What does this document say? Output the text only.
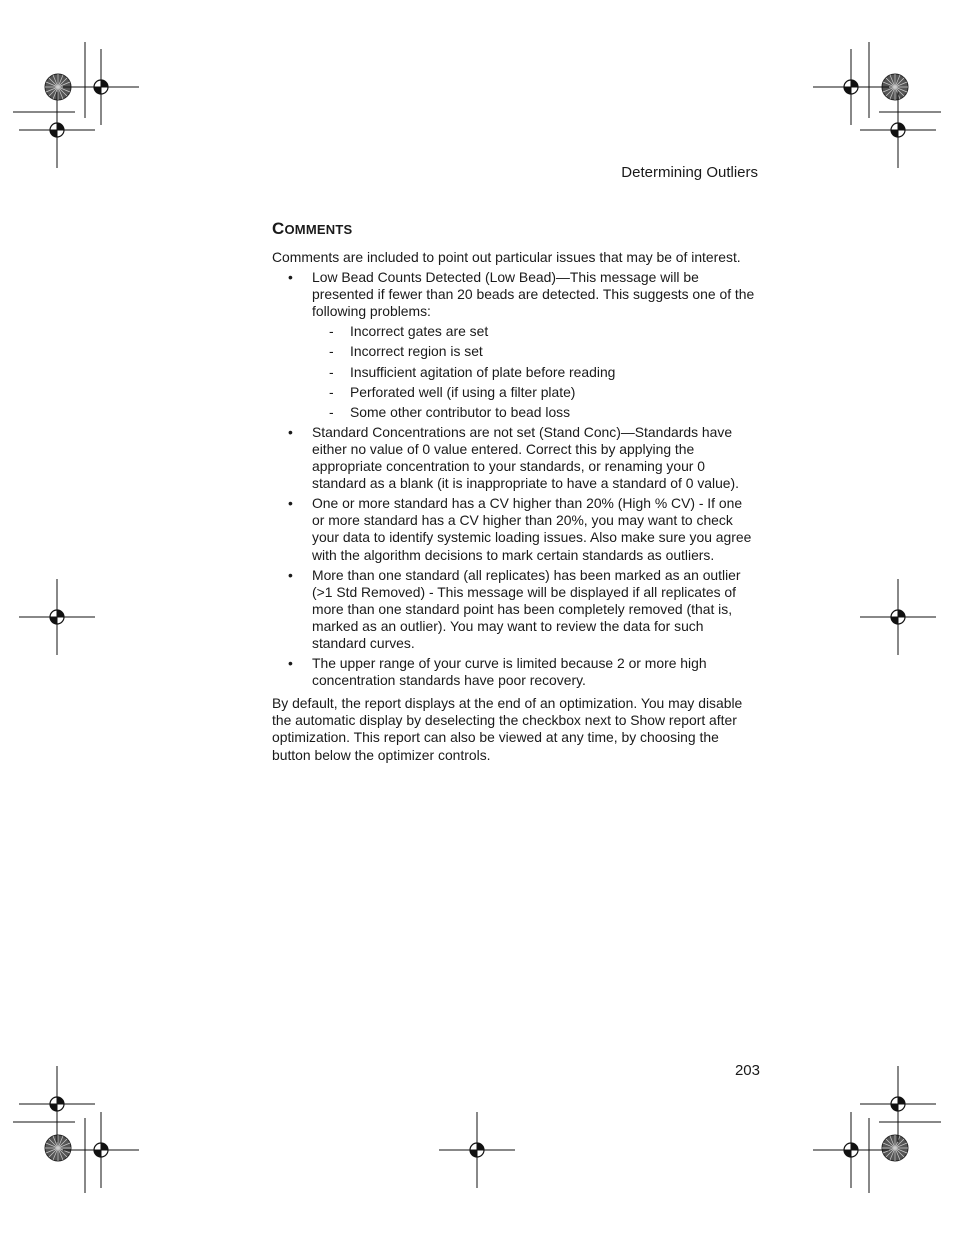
Determining Outliers
COMMENTS

Comments are included to point out particular issues that may be of interest.

• Low Bead Counts Detected (Low Bead)—This message will be presented if fewer than 20 beads are detected. This suggests one of the following problems:
- Incorrect gates are set
- Incorrect region is set
- Insufficient agitation of plate before reading
- Perforated well (if using a filter plate)
- Some other contributor to bead loss
• Standard Concentrations are not set (Stand Conc)—Standards have either no value of 0 value entered. Correct this by applying the appropriate concentration to your standards, or renaming your 0 standard as a blank (it is inappropriate to have a standard of 0 value).
• One or more standard has a CV higher than 20% (High % CV) - If one or more standard has a CV higher than 20%, you may want to check your data to identify systemic loading issues. Also make sure you agree with the algorithm decisions to mark certain standards as outliers.
• More than one standard (all replicates) has been marked as an outlier (>1 Std Removed) - This message will be displayed if all replicates of more than one standard point has been completely removed (that is, marked as an outlier). You may want to review the data for such standard curves.
• The upper range of your curve is limited because 2 or more high concentration standards have poor recovery.

By default, the report displays at the end of an optimization. You may disable the automatic display by deselecting the checkbox next to Show report after optimization. This report can also be viewed at any time, by choosing the button below the optimizer controls.

203
